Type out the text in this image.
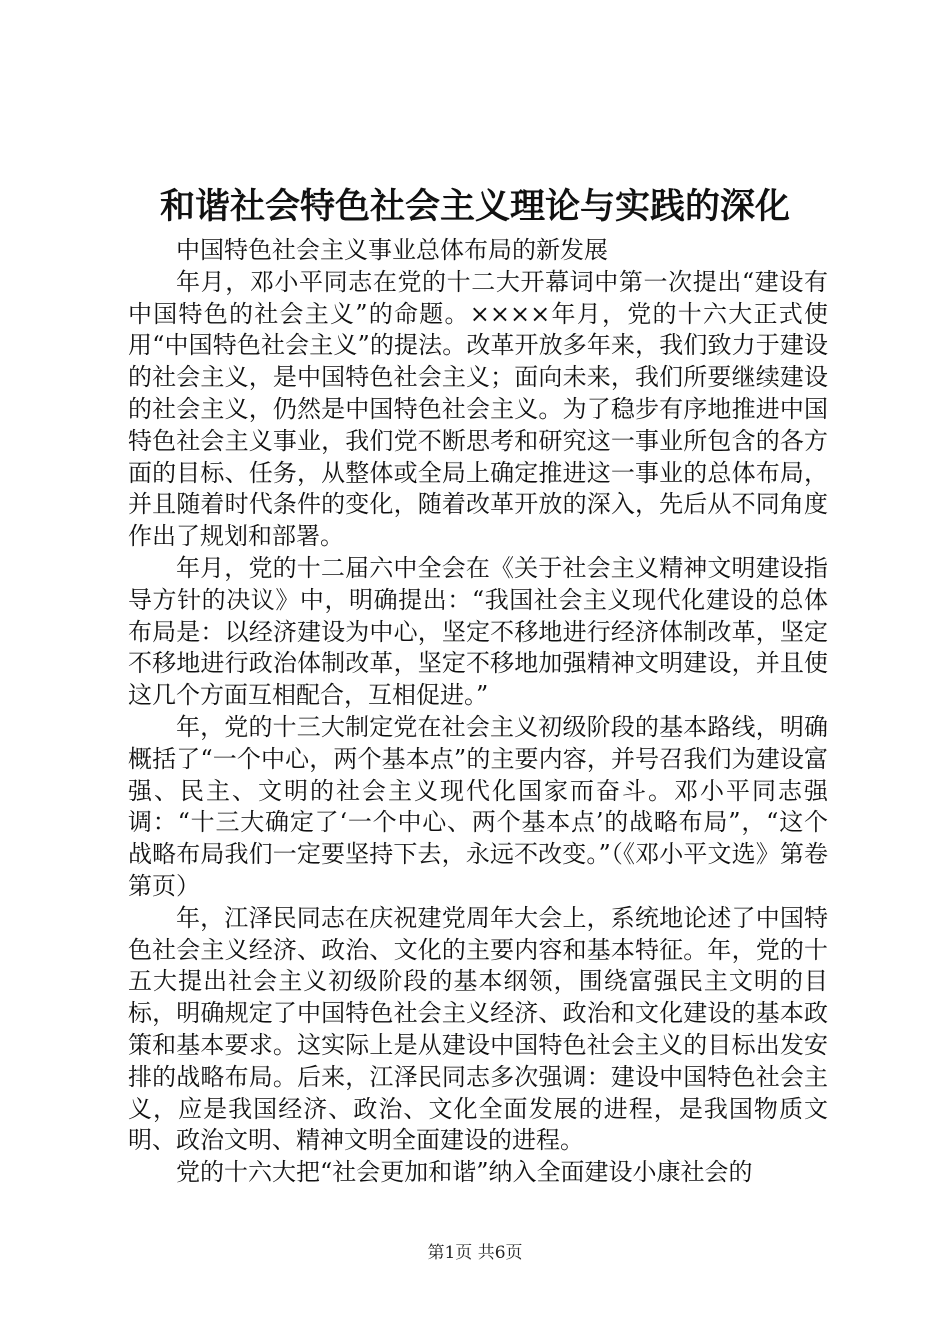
和谐社会特色社会主义理论与实践的深化

中国特色社会主义事业总体布局的新发展

年月，邓小平同志在党的十二大开幕词中第一次提出“建设有中国特色的社会主义”的命题。××××年月，党的十六大正式使用“中国特色社会主义”的提法。改革开放多年来，我们致力于建设的社会主义，是中国特色社会主义；面向未来，我们所要继续建设的社会主义，仍然是中国特色社会主义。为了稳步有序地推进中国特色社会主义事业，我们党不断思考和研究这一事业所包含的各方面的目标、任务，从整体或全局上确定推进这一事业的总体布局，并且随着时代条件的变化，随着改革开放的深入，先后从不同角度作出了规划和部署。

年月，党的十二届六中全会在《关于社会主义精神文明建设指导方针的决议》中，明确提出：“我国社会主义现代化建设的总体布局是：以经济建设为中心，坚定不移地进行经济体制改革，坚定不移地进行政治体制改革，坚定不移地加强精神文明建设，并且使这几个方面互相配合，互相促进。”

年，党的十三大制定党在社会主义初级阶段的基本路线，明确概括了“一个中心，两个基本点”的主要内容，并号召我们为建设富强、民主、文明的社会主义现代化国家而奋斗。邓小平同志强调：“十三大确定了‘一个中心、两个基本点’的战略布局”，“这个战略布局我们一定要坚持下去，永远不改变。”（《邓小平文选》第卷第页）

年，江泽民同志在庆祝建党周年大会上，系统地论述了中国特色社会主义经济、政治、文化的主要内容和基本特征。年，党的十五大提出社会主义初级阶段的基本纲领，围绕富强民主文明的目标，明确规定了中国特色社会主义经济、政治和文化建设的基本政策和基本要求。这实际上是从建设中国特色社会主义的目标出发安排的战略布局。后来，江泽民同志多次强调：建设中国特色社会主义，应是我国经济、政治、文化全面发展的进程，是我国物质文明、政治文明、精神文明全面建设的进程。

党的十六大把“社会更加和谐”纳入全面建设小康社会的

第1页 共6页
